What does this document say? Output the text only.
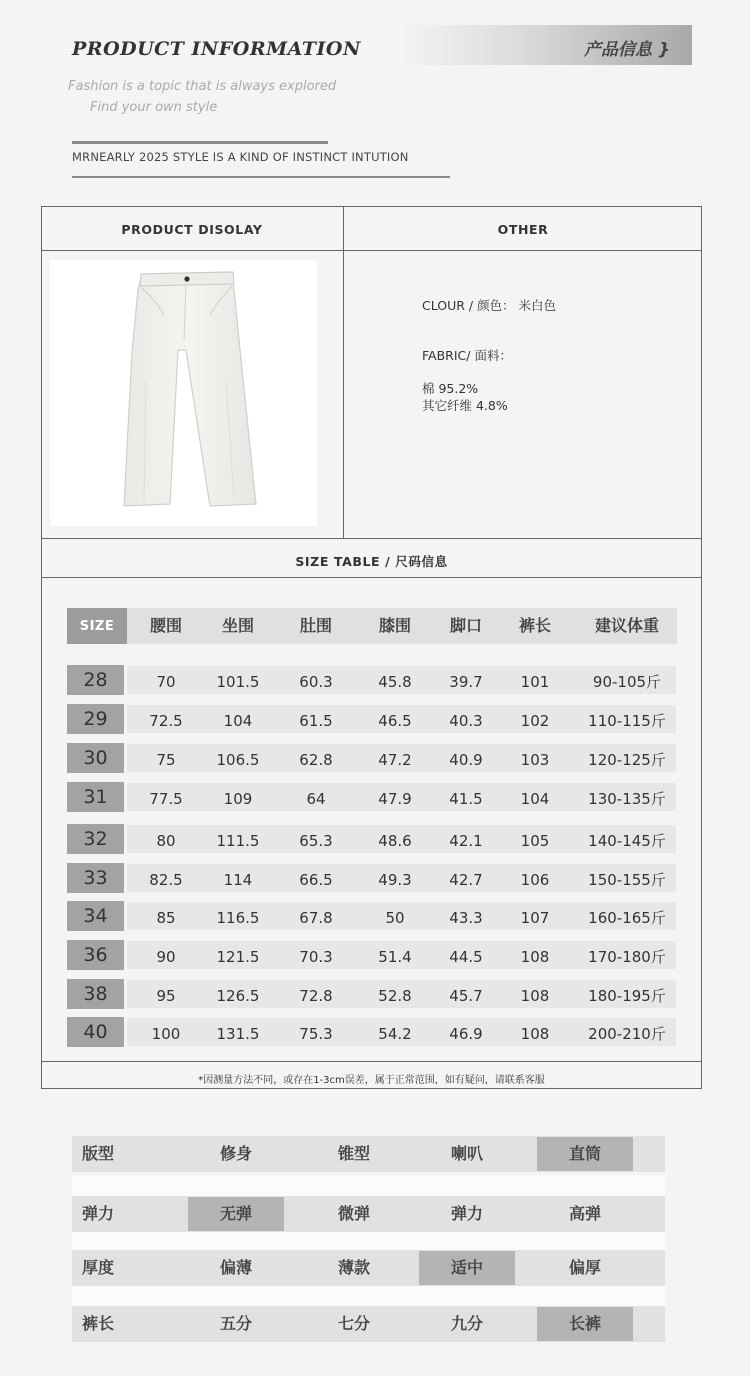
PRODUCT INFORMATION	产品信息 }
Fashion is a topic that is always explored
Find your own style
MRNEARLY 2025 STYLE IS A KIND OF INSTINCT INTUTION
PRODUCT DISOLAY	OTHER
CLOUR / 颜色： 米白色
FABRIC/ 面料：
棉 95.2%
其它纤维 4.8%
SIZE TABLE / 尺码信息
SIZE	腰围	坐围	肚围	膝围	脚口	裤长	建议体重
28	70	101.5	60.3	45.8	39.7	101	90-105斤
29	72.5	104	61.5	46.5	40.3	102	110-115斤
30	75	106.5	62.8	47.2	40.9	103	120-125斤
31	77.5	109	64	47.9	41.5	104	130-135斤
32	80	111.5	65.3	48.6	42.1	105	140-145斤
33	82.5	114	66.5	49.3	42.7	106	150-155斤
34	85	116.5	67.8	50	43.3	107	160-165斤
36	90	121.5	70.3	51.4	44.5	108	170-180斤
38	95	126.5	72.8	52.8	45.7	108	180-195斤
40	100	131.5	75.3	54.2	46.9	108	200-210斤
*因测量方法不同，或存在1-3cm误差，属于正常范围，如有疑问，请联系客服
版型	修身	锥型	喇叭	直筒
弹力	无弹	微弹	弹力	高弹
厚度	偏薄	薄款	适中	偏厚
裤长	五分	七分	九分	长裤
